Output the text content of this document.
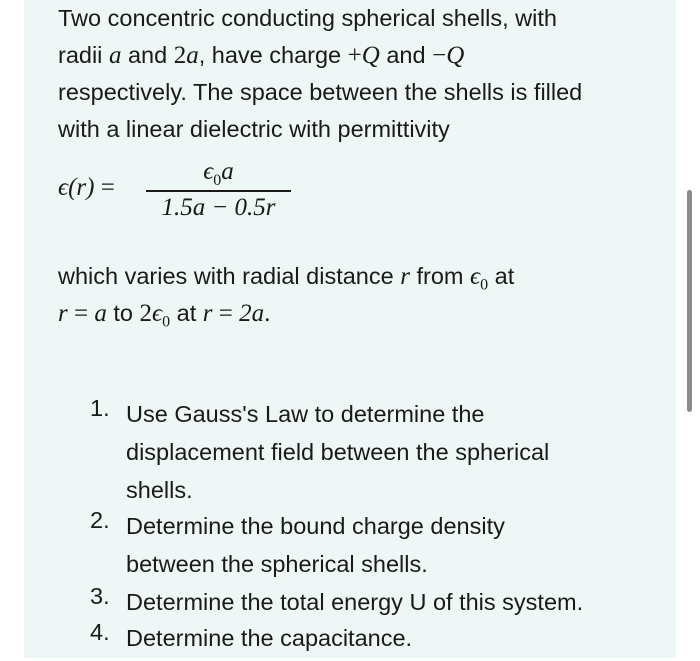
Two concentric conducting spherical shells, with
radii a and 2a, have charge +Q and −Q
respectively. The space between the shells is filled
with a linear dielectric with permittivity
ϵ(r) =
$\epsilon_0a$
1.5a − 0.5r
which varies with radial distance r from $\epsilon_0$ at
r = a to $2\epsilon_0$ at r = 2a.
1. Use Gauss's Law to determine the
displacement field between the spherical
shells.
2. Determine the bound charge density
between the spherical shells.
3. Determine the total energy U of this system.
4. Determine the capacitance.
